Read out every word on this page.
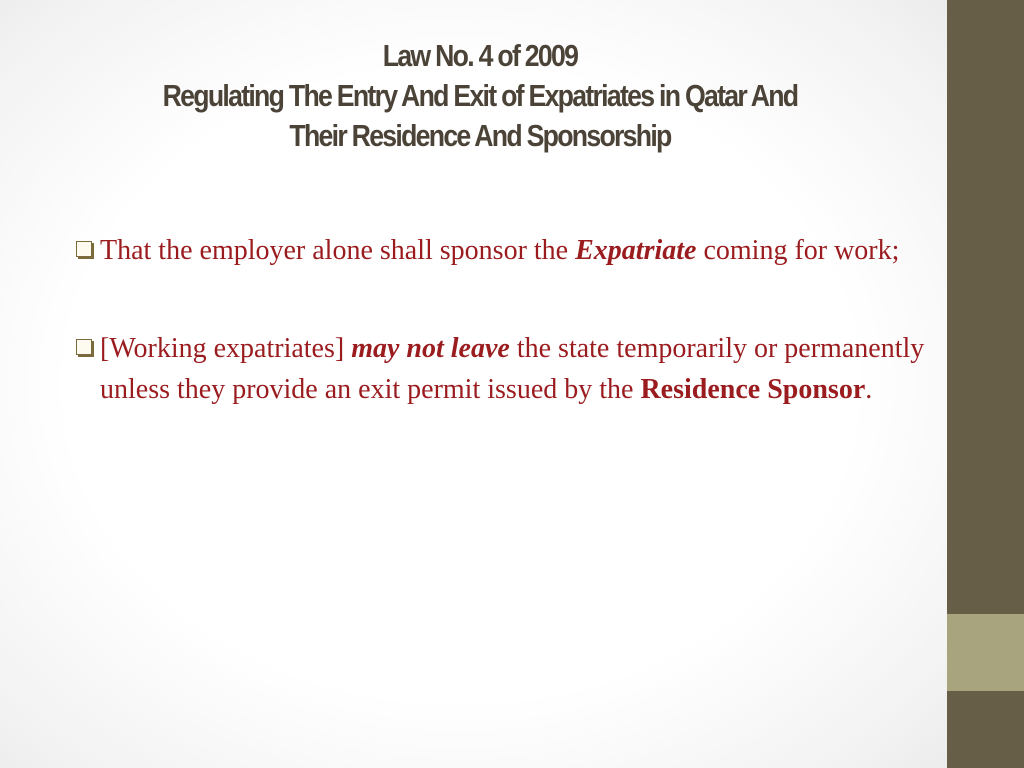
Law No. 4 of 2009
Regulating The Entry And Exit of Expatriates in Qatar And
Their Residence And Sponsorship
That the employer alone shall sponsor the Expatriate coming for work;
[Working expatriates] may not leave the state temporarily or permanently unless they provide an exit permit issued by the Residence Sponsor.
